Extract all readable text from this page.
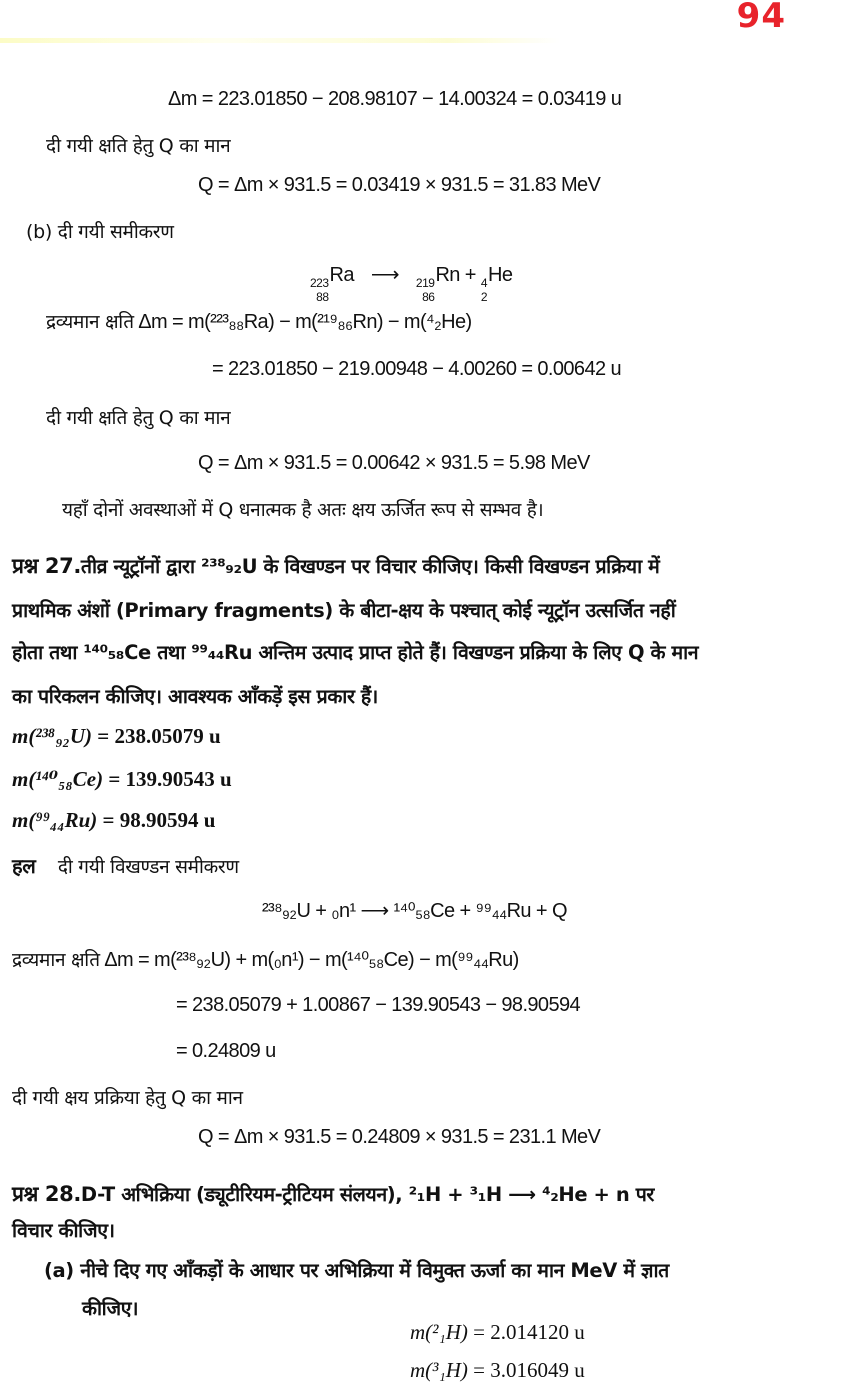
94
Δm = 223.01850 − 208.98107 − 14.00324 = 0.03419 u
दी गयी क्षति हेतु Q का मान
Q = Δm × 931.5 = 0.03419 × 931.5 = 31.83 MeV
(b) दी गयी समीकरण
223
88
Ra ⟶ 219
86
Rn + 4
2
He
द्रव्यमान क्षति Δm = m(²²³₈₈Ra) − m(²¹⁹₈₆Rn) − m(⁴₂He)
= 223.01850 − 219.00948 − 4.00260 = 0.00642 u
दी गयी क्षति हेतु Q का मान
Q = Δm × 931.5 = 0.00642 × 931.5 = 5.98 MeV
यहाँ दोनों अवस्थाओं में Q धनात्मक है अतः क्षय ऊर्जित रूप से सम्भव है।
प्रश्न 27.तीव्र न्यूट्रॉनों द्वारा ²³⁸₉₂U के विखण्डन पर विचार कीजिए। किसी विखण्डन प्रक्रिया में
प्राथमिक अंशों (Primary fragments) के बीटा-क्षय के पश्चात् कोई न्यूट्रॉन उत्सर्जित नहीं
होता तथा ¹⁴⁰₅₈Ce तथा ⁹⁹₄₄Ru अन्तिम उत्पाद प्राप्त होते हैं। विखण्डन प्रक्रिया के लिए Q के मान
का परिकलन कीजिए। आवश्यक आँकड़ें इस प्रकार हैं।
m(²³⁸₉₂U) = 238.05079 u
m(¹⁴⁰₅₈Ce) = 139.90543 u
m(⁹⁹₄₄Ru) = 98.90594 u
हल दी गयी विखण्डन समीकरण
²³⁸₉₂U + ₀n¹ ⟶ ¹⁴⁰₅₈Ce + ⁹⁹₄₄Ru + Q
द्रव्यमान क्षति Δm = m(²³⁸₉₂U) + m(₀n¹) − m(¹⁴⁰₅₈Ce) − m(⁹⁹₄₄Ru)
= 238.05079 + 1.00867 − 139.90543 − 98.90594
= 0.24809 u
दी गयी क्षय प्रक्रिया हेतु Q का मान
Q = Δm × 931.5 = 0.24809 × 931.5 = 231.1 MeV
प्रश्न 28.D-T अभिक्रिया (ड्यूटीरियम-ट्रीटियम संलयन), ²₁H + ³₁H ⟶ ⁴₂He + n पर
विचार कीजिए।
(a) नीचे दिए गए आँकड़ों के आधार पर अभिक्रिया में विमुक्त ऊर्जा का मान MeV में ज्ञात
कीजिए।
m(²₁H) = 2.014120 u
m(³₁H) = 3.016049 u
